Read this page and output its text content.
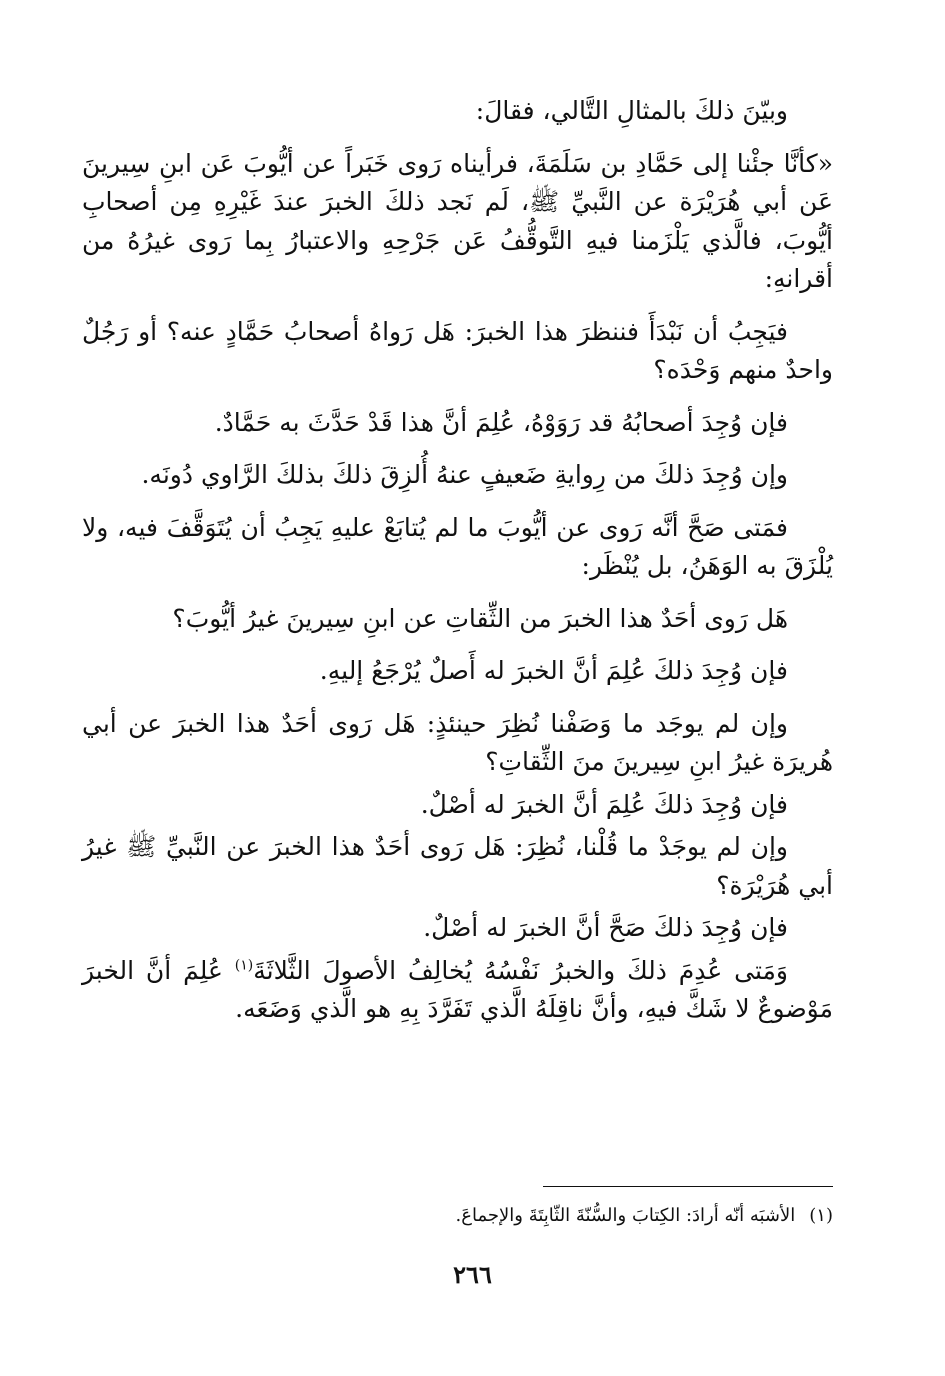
وبيّنَ ذلكَ بالمثالِ التَّالي، فقالَ:

«كأنَّا جئْنا إلى حَمَّادِ بن سَلَمَةَ، فرأيناه رَوى خَبَراً عن أيُّوبَ عَن ابنِ سِيرينَ عَن أبي هُرَيْرَة عن النَّبيِّ ﷺ، لَم نَجد ذلكَ الخبرَ عندَ غَيْرِهِ مِن أصحابِ أيُّوبَ، فالَّذي يَلْزَمنا فيهِ التَّوقُّفُ عَن جَرْحِهِ والاعتبارُ بِما رَوى غيرُهُ من أقرانهِ:

فيَجِبُ أن نَبْدَأَ فننظرَ هذا الخبرَ: هَل رَواهُ أصحابُ حَمَّادٍ عنه؟ أو رَجُلٌ واحدٌ منهم وَحْدَه؟

فإن وُجِدَ أصحابُهُ قد رَوَوْهُ، عُلِمَ أنَّ هذا قَدْ حَدَّثَ به حَمَّادٌ.

وإن وُجِدَ ذلكَ من رِوايةِ ضَعيفٍ عنهُ أُلزِقَ ذلكَ بذلكَ الرَّاوي دُونَه.

فمَتى صَحَّ أنَّه رَوى عن أيُّوبَ ما لم يُتابَعْ عليهِ يَجِبُ أن يُتَوَقَّفَ فيه، ولا يُلْزَقَ به الوَهَنُ، بل يُنْظَر:

هَل رَوى أحَدٌ هذا الخبرَ من الثِّقاتِ عن ابنِ سِيرينَ غيرُ أيُّوبَ؟

فإن وُجِدَ ذلكَ عُلِمَ أنَّ الخبرَ له أَصلٌ يُرْجَعُ إليهِ.

وإن لم يوجَد ما وَصَفْنا نُظِرَ حينئذٍ: هَل رَوى أحَدٌ هذا الخبرَ عن أبي هُريرَة غيرُ ابنِ سِيرينَ منَ الثِّقاتِ؟

فإن وُجِدَ ذلكَ عُلِمَ أنَّ الخبرَ له أصْلٌ.

وإن لم يوجَدْ ما قُلْنا، نُظِرَ: هَل رَوى أحَدٌ هذا الخبرَ عن النَّبيِّ ﷺ غيرُ أبي هُرَيْرَة؟

فإن وُجِدَ ذلكَ صَحَّ أنَّ الخبرَ له أصْلٌ.

وَمَتى عُدِمَ ذلكَ والخبرُ نَفْسُهُ يُخالِفُ الأصولَ الثَّلاثَةَ$^{(١)}$ عُلِمَ أنَّ الخبرَ مَوْضوعٌ لا شَكَّ فيهِ، وأنَّ ناقِلَهُ الَّذي تَفَرَّدَ بِهِ هو الَّذي وَضَعَه.

(١)الأشبَه أنّه أرادَ: الكِتابَ والسُّنّةَ الثّابِتَةَ والإجماعَ.
٢٦٦
